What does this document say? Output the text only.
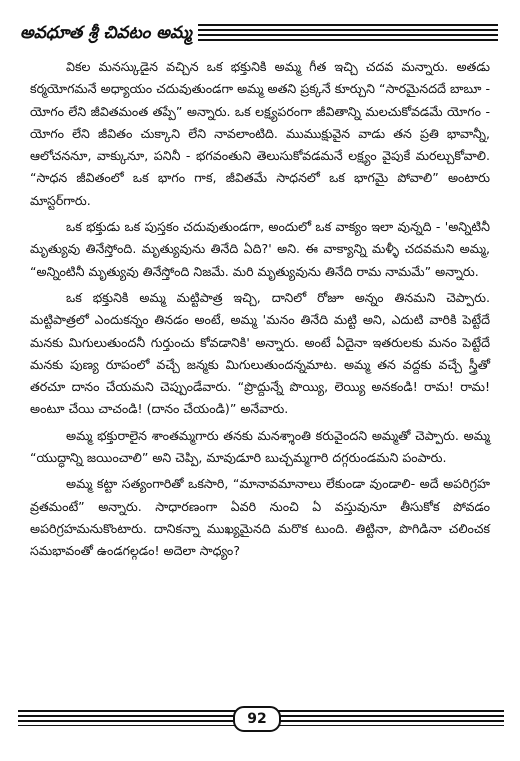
అవధూత శ్రీ చివటం అమ్మ

వికల మనస్కుడైన వచ్చిన ఒక భక్తునికి అమ్మ గీత ఇచ్చి చదవ మన్నారు. అతడు కర్మయోగమనే అధ్యాయం చదువుతుండగా అమ్మ అతని ప్రక్కనే కూర్చుని “సారమైనదదే బాబూ - యోగం లేని జీవితమంత తప్పే” అన్నారు. ఒక లక్ష్యపరంగా జీవితాన్ని మలచుకోవడమే యోగం - యోగం లేని జీవితం చుక్కాని లేని నావలాంటిది. ముముక్షువైన వాడు తన ప్రతి భావాన్నీ, ఆలోచననూ, వాక్కునూ, పనినీ - భగవంతుని తెలుసుకోవడమనే లక్ష్యం వైపుకే మరల్చుకోవాలి. “సాధన జీవితంలో ఒక భాగం గాక, జీవితమే సాధనలో ఒక భాగమై పోవాలి” అంటారు మాస్టర్‌గారు.

ఒక భక్తుడు ఒక పుస్తకం చదువుతుండగా, అందులో ఒక వాక్యం ఇలా వున్నది - 'అన్నిటినీ మృత్యువు తినేస్తోంది. మృత్యువును తినేది ఏది?' అని. ఈ వాక్యాన్ని మళ్ళీ చదవమని అమ్మ, “అన్నింటినీ మృత్యువు తినేస్తోంది నిజమే. మరి మృత్యువును తినేది రామ నామమే” అన్నారు.

ఒక భక్తునికి అమ్మ మట్టిపాత్ర ఇచ్చి, దానిలో రోజూ అన్నం తినమని చెప్పారు. మట్టిపాత్రలో ఎందుకన్నం తినడం అంటే, అమ్మ 'మనం తినేది మట్టి అని, ఎదుటి వారికి పెట్టేదే మనకు మిగులుతుందనీ గుర్తుంచు కోవడానికి' అన్నారు. అంటే ఏదైనా ఇతరులకు మనం పెట్టేదే మనకు పుణ్య రూపంలో వచ్చే జన్మకు మిగులుతుందన్నమాట. అమ్మ తన వద్దకు వచ్చే స్త్రీతో తరచూ దానం చేయమని చెప్పుండేవారు. “ప్రొద్దున్నే పొయ్యి, లెయ్యి అనకండి! రామ! రామ! అంటూ చేయి చాచండి! (దానం చేయండి)” అనేవారు.

అమ్మ భక్తురాలైన శాంతమ్మగారు తనకు మనశ్శాంతి కరువైందని అమ్మతో చెప్పారు. అమ్మ “యుద్ధాన్ని జయించాలి” అని చెప్పి, మావుడూరి బుచ్చమ్మగారి దగ్గరుండమని పంపారు.

అమ్మ కట్టా సత్యంగారితో ఒకసారి, “మానావమానాలు లేకుండా వుండాలి- అదే అపరిగ్రహ వ్రతమంటే” అన్నారు. సాధారణంగా ఏవరి నుంచి ఏ వస్తువునూ తీసుకోక పోవడం అపరిగ్రహమనుకొంటారు. దానికన్నా ముఖ్యమైనది మరొక టుంది. తిట్టినా, పొగిడినా చలించక సమభావంతో ఉండగల్గడం! అదెలా సాధ్యం?

92
